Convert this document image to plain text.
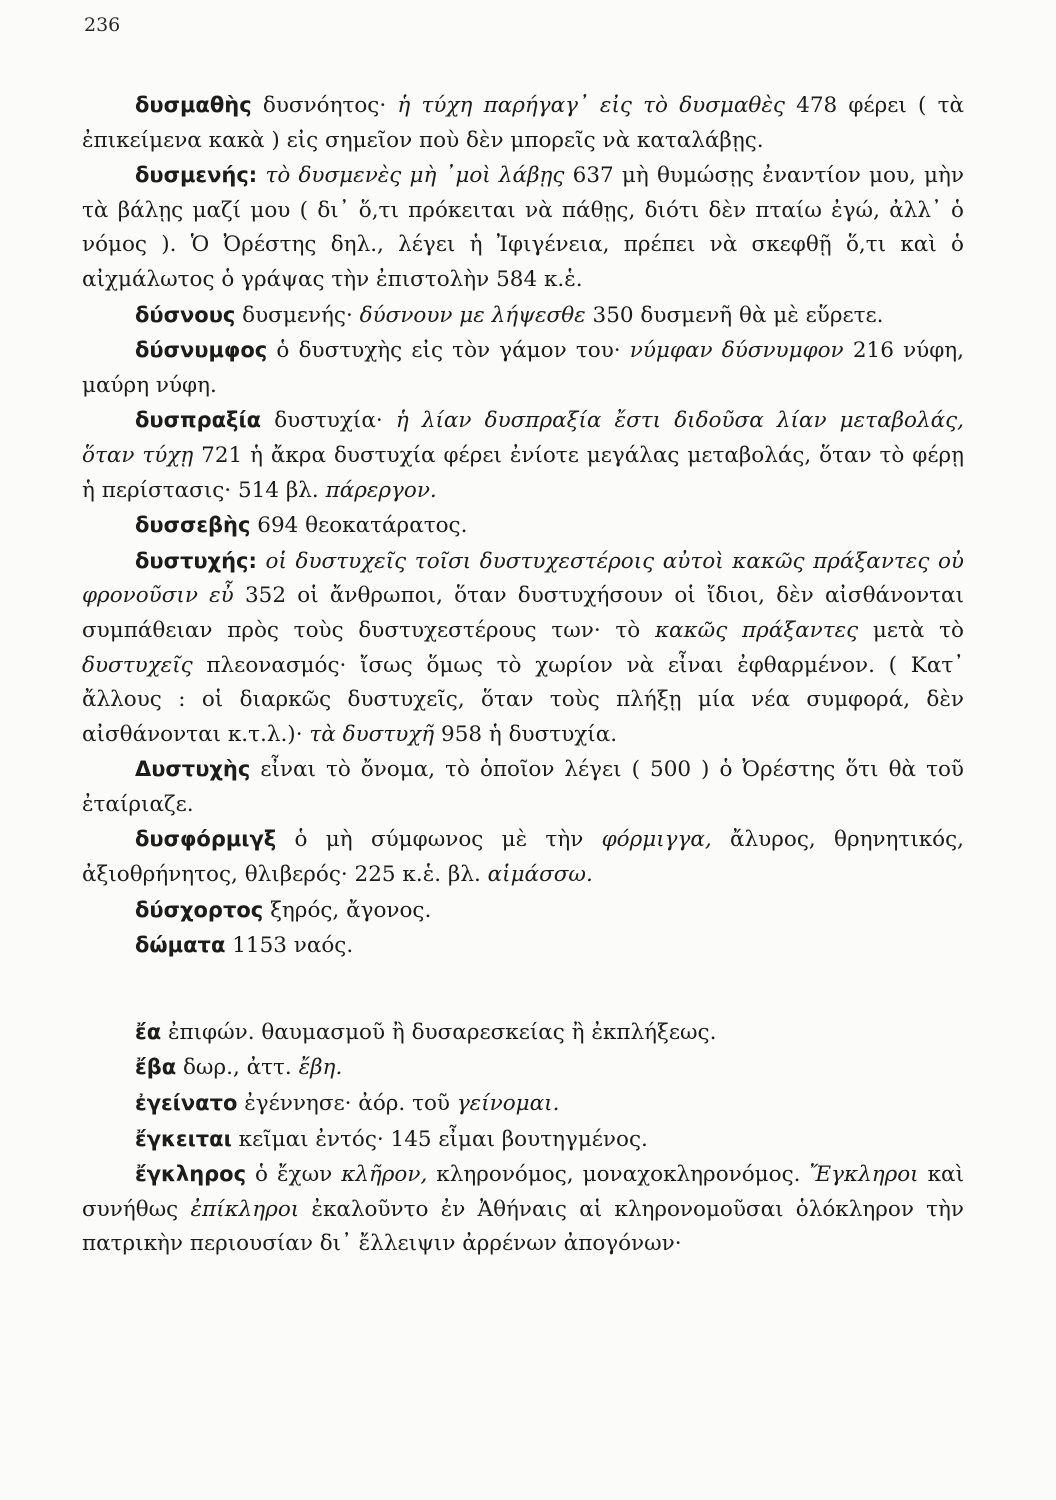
236

δυσμαθὴς δυσνόητος· ἡ τύχη παρήγαγ᾽ εἰς τὸ δυσμαθὲς 478 φέρει ( τὰ ἐπικείμενα κακὰ ) εἰς σημεῖον ποὺ δὲν μπορεῖς νὰ καταλάβῃς.

δυσμενής: τὸ δυσμενὲς μὴ ᾽μοὶ λάβῃς 637 μὴ θυμώσῃς ἐναντίον μου, μὴν τὰ βάλῃς μαζί μου ( δι᾽ ὅ,τι πρόκειται νὰ πάθῃς, διότι δὲν πταίω ἐγώ, ἀλλ᾽ ὁ νόμος ). Ὁ Ὀρέστης δηλ., λέγει ἡ Ἰφιγένεια, πρέπει νὰ σκεφθῇ ὅ,τι καὶ ὁ αἰχμάλωτος ὁ γράψας τὴν ἐπιστολὴν 584 κ.ἑ.

δύσνους δυσμενής· δύσνουν με λήψεσθε 350 δυσμενῆ θὰ μὲ εὕρετε.

δύσνυμφος ὁ δυστυχὴς εἰς τὸν γάμον του· νύμφαν δύσνυμφον 216 νύφη, μαύρη νύφη.

δυσπραξία δυστυχία· ἡ λίαν δυσπραξία ἔστι διδοῦσα λίαν μεταβολάς, ὅταν τύχῃ 721 ἡ ἄκρα δυστυχία φέρει ἐνίοτε μεγάλας μεταβολάς, ὅταν τὸ φέρῃ ἡ περίστασις· 514 βλ. πάρεργον.

δυσσεβὴς 694 θεοκατάρατος.

δυστυχής: οἱ δυστυχεῖς τοῖσι δυστυχεστέροις αὐτοὶ κακῶς πράξαντες οὐ φρονοῦσιν εὖ 352 οἱ ἄνθρωποι, ὅταν δυστυχήσουν οἱ ἴδιοι, δὲν αἰσθάνονται συμπάθειαν πρὸς τοὺς δυστυχεστέρους των· τὸ κακῶς πράξαντες μετὰ τὸ δυστυχεῖς πλεονασμός· ἴσως ὅμως τὸ χωρίον νὰ εἶναι ἐφθαρμένον. ( Κατ᾽ ἄλλους : οἱ διαρκῶς δυστυχεῖς, ὅταν τοὺς πλήξῃ μία νέα συμφορά, δὲν αἰσθάνονται κ.τ.λ.)· τὰ δυστυχῆ 958 ἡ δυστυχία.

Δυστυχὴς εἶναι τὸ ὄνομα, τὸ ὁποῖον λέγει ( 500 ) ὁ Ὀρέστης ὅτι θὰ τοῦ ἐταίριαζε.

δυσφόρμιγξ ὁ μὴ σύμφωνος μὲ τὴν φόρμιγγα, ἄλυρος, θρηνητικός, ἀξιοθρήνητος, θλιβερός· 225 κ.ἑ. βλ. αἱμάσσω.

δύσχορτος ξηρός, ἄγονος.

δώματα 1153 ναός.

ἔα ἐπιφών. θαυμασμοῦ ἢ δυσαρεσκείας ἢ ἐκπλήξεως.

ἔβα δωρ., ἀττ. ἔβη.

ἐγείνατο ἐγέννησε· ἀόρ. τοῦ γείνομαι.

ἔγκειται κεῖμαι ἐντός· 145 εἶμαι βουτηγμένος.

ἔγκληρος ὁ ἔχων κλῆρον, κληρονόμος, μοναχοκληρονόμος. Ἔγκληροι καὶ συνήθως ἐπίκληροι ἐκαλοῦντο ἐν Ἀθήναις αἱ κληρονομοῦσαι ὁλόκληρον τὴν πατρικὴν περιουσίαν δι᾽ ἔλλειψιν ἀρρένων ἀπογόνων·
